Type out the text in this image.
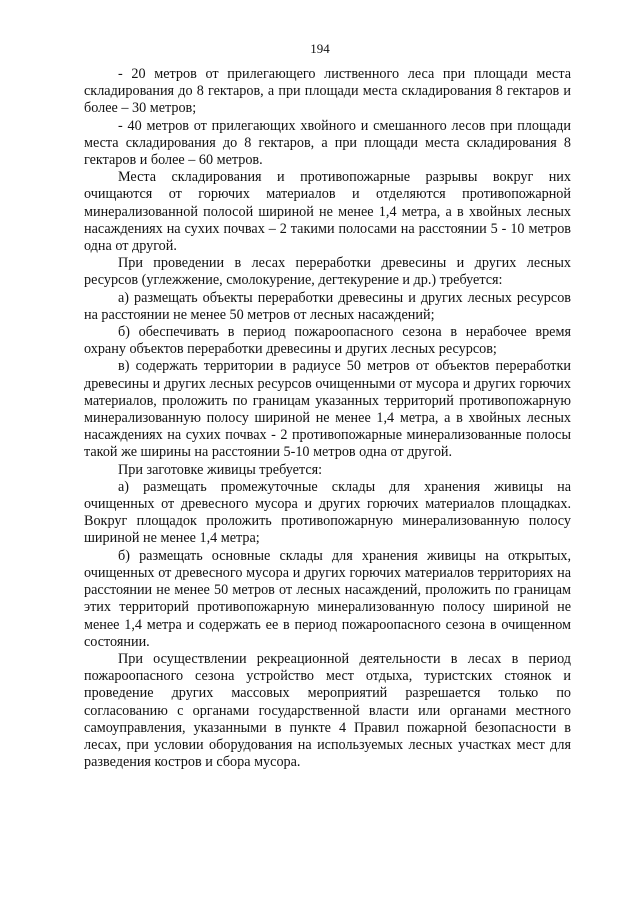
194

- 20 метров от прилегающего лиственного леса при площади места складирования до 8 гектаров, а при площади места складирования 8 гектаров и более – 30 метров;

- 40 метров от прилегающих хвойного и смешанного лесов при площади места складирования до 8 гектаров, а при площади места складирования 8 гектаров и более – 60 метров.

Места складирования и противопожарные разрывы вокруг них очищаются от горючих материалов и отделяются противопожарной минерализованной полосой шириной не менее 1,4 метра, а в хвойных лесных насаждениях на сухих почвах – 2 такими полосами на расстоянии 5 - 10 метров одна от другой.

При проведении в лесах переработки древесины и других лесных ресурсов (углежжение, смолокурение, дегтекурение и др.) требуется:

а) размещать объекты переработки древесины и других лесных ресурсов на расстоянии не менее 50 метров от лесных насаждений;

б) обеспечивать в период пожароопасного сезона в нерабочее время охрану объектов переработки древесины и других лесных ресурсов;

в) содержать территории в радиусе 50 метров от объектов переработки древесины и других лесных ресурсов очищенными от мусора и других горючих материалов, проложить по границам указанных территорий противопожарную минерализованную полосу шириной не менее 1,4 метра, а в хвойных лесных насаждениях на сухих почвах - 2 противопожарные минерализованные полосы такой же ширины на расстоянии 5-10 метров одна от другой.

При заготовке живицы требуется:

а) размещать промежуточные склады для хранения живицы на очищенных от древесного мусора и других горючих материалов площадках. Вокруг площадок проложить противопожарную минерализованную полосу шириной не менее 1,4 метра;

б) размещать основные склады для хранения живицы на открытых, очищенных от древесного мусора и других горючих материалов территориях на расстоянии не менее 50 метров от лесных насаждений, проложить по границам этих территорий противопожарную минерализованную полосу шириной не менее 1,4 метра и содержать ее в период пожароопасного сезона в очищенном состоянии.

При осуществлении рекреационной деятельности в лесах в период пожароопасного сезона устройство мест отдыха, туристских стоянок и проведение других массовых мероприятий разрешается только по согласованию с органами государственной власти или органами местного самоуправления, указанными в пункте 4 Правил пожарной безопасности в лесах, при условии оборудования на используемых лесных участках мест для разведения костров и сбора мусора.
